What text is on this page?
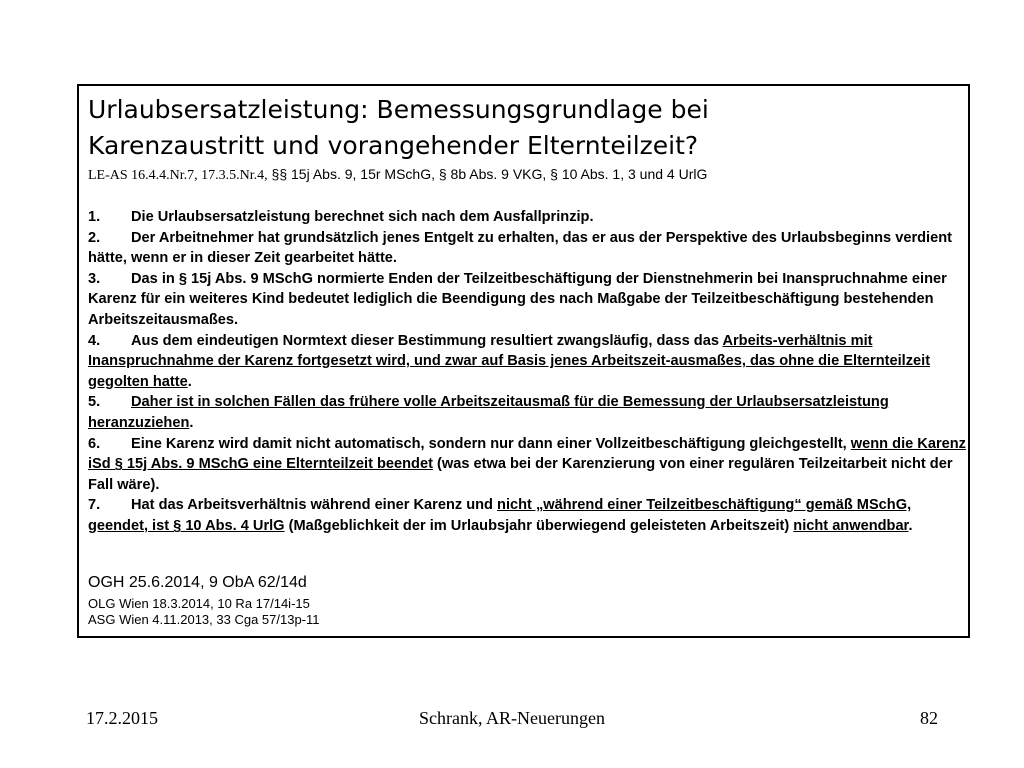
Urlaubsersatzleistung: Bemessungsgrundlage bei
Karenzaustritt und vorangehender Elternteilzeit?
LE-AS 16.4.4.Nr.7, 17.3.5.Nr.4, §§ 15j Abs. 9, 15r MSchG, § 8b Abs. 9 VKG, § 10 Abs. 1, 3 und 4 UrlG

1. Die Urlaubsersatzleistung berechnet sich nach dem Ausfallprinzip.

2. Der Arbeitnehmer hat grundsätzlich jenes Entgelt zu erhalten, das er aus der Perspektive des Urlaubsbeginns verdient hätte, wenn er in dieser Zeit gearbeitet hätte.

3. Das in § 15j Abs. 9 MSchG normierte Enden der Teilzeitbeschäftigung der Dienstnehmerin bei Inanspruchnahme einer Karenz für ein weiteres Kind bedeutet lediglich die Beendigung des nach Maßgabe der Teilzeitbeschäftigung bestehenden Arbeitszeitausmaßes.

4. Aus dem eindeutigen Normtext dieser Bestimmung resultiert zwangsläufig, dass das Arbeits-verhältnis mit Inanspruchnahme der Karenz fortgesetzt wird, und zwar auf Basis jenes Arbeitszeit-ausmaßes, das ohne die Elternteilzeit gegolten hatte.

5. Daher ist in solchen Fällen das frühere volle Arbeitszeitausmaß für die Bemessung der Urlaubsersatzleistung heranzuziehen.

6. Eine Karenz wird damit nicht automatisch, sondern nur dann einer Vollzeitbeschäftigung gleichgestellt, wenn die Karenz iSd § 15j Abs. 9 MSchG eine Elternteilzeit beendet (was etwa bei der Karenzierung von einer regulären Teilzeitarbeit nicht der Fall wäre).

7. Hat das Arbeitsverhältnis während einer Karenz und nicht „während einer Teilzeitbeschäftigung“ gemäß MSchG, geendet, ist § 10 Abs. 4 UrlG (Maßgeblichkeit der im Urlaubsjahr überwiegend geleisteten Arbeitszeit) nicht anwendbar.

OGH 25.6.2014, 9 ObA 62/14d
OLG Wien 18.3.2014, 10 Ra 17/14i-15
ASG Wien 4.11.2013, 33 Cga 57/13p-11
17.2.2015	Schrank, AR-Neuerungen	82
